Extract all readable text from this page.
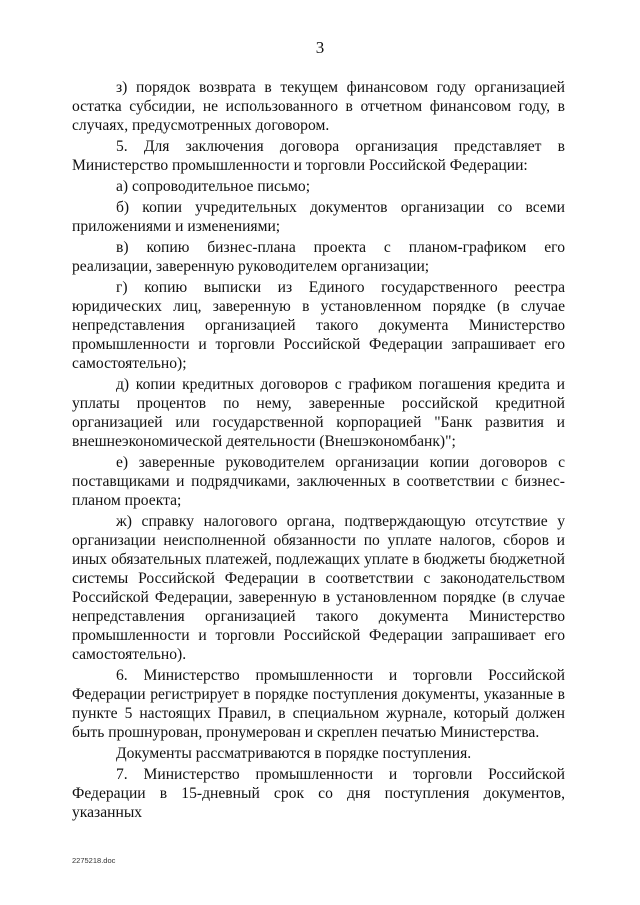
3

з) порядок возврата в текущем финансовом году организацией остатка субсидии, не использованного в отчетном финансовом году, в случаях, предусмотренных договором.

5. Для заключения договора организация представляет в Министерство промышленности и торговли Российской Федерации:

а) сопроводительное письмо;

б) копии учредительных документов организации со всеми приложениями и изменениями;

в) копию бизнес-плана проекта с планом-графиком его реализации, заверенную руководителем организации;

г) копию выписки из Единого государственного реестра юридических лиц, заверенную в установленном порядке (в случае непредставления организацией такого документа Министерство промышленности и торговли Российской Федерации запрашивает его самостоятельно);

д) копии кредитных договоров с графиком погашения кредита и уплаты процентов по нему, заверенные российской кредитной организацией или государственной корпорацией "Банк развития и внешнеэкономической деятельности (Внешэкономбанк)";

е) заверенные руководителем организации копии договоров с поставщиками и подрядчиками, заключенных в соответствии с бизнес-планом проекта;

ж) справку налогового органа, подтверждающую отсутствие у организации неисполненной обязанности по уплате налогов, сборов и иных обязательных платежей, подлежащих уплате в бюджеты бюджетной системы Российской Федерации в соответствии с законодательством Российской Федерации, заверенную в установленном порядке (в случае непредставления организацией такого документа Министерство промышленности и торговли Российской Федерации запрашивает его самостоятельно).

6. Министерство промышленности и торговли Российской Федерации регистрирует в порядке поступления документы, указанные в пункте 5 настоящих Правил, в специальном журнале, который должен быть прошнурован, пронумерован и скреплен печатью Министерства.

Документы рассматриваются в порядке поступления.

7. Министерство промышленности и торговли Российской Федерации в 15-дневный срок со дня поступления документов, указанных

2275218.doc
